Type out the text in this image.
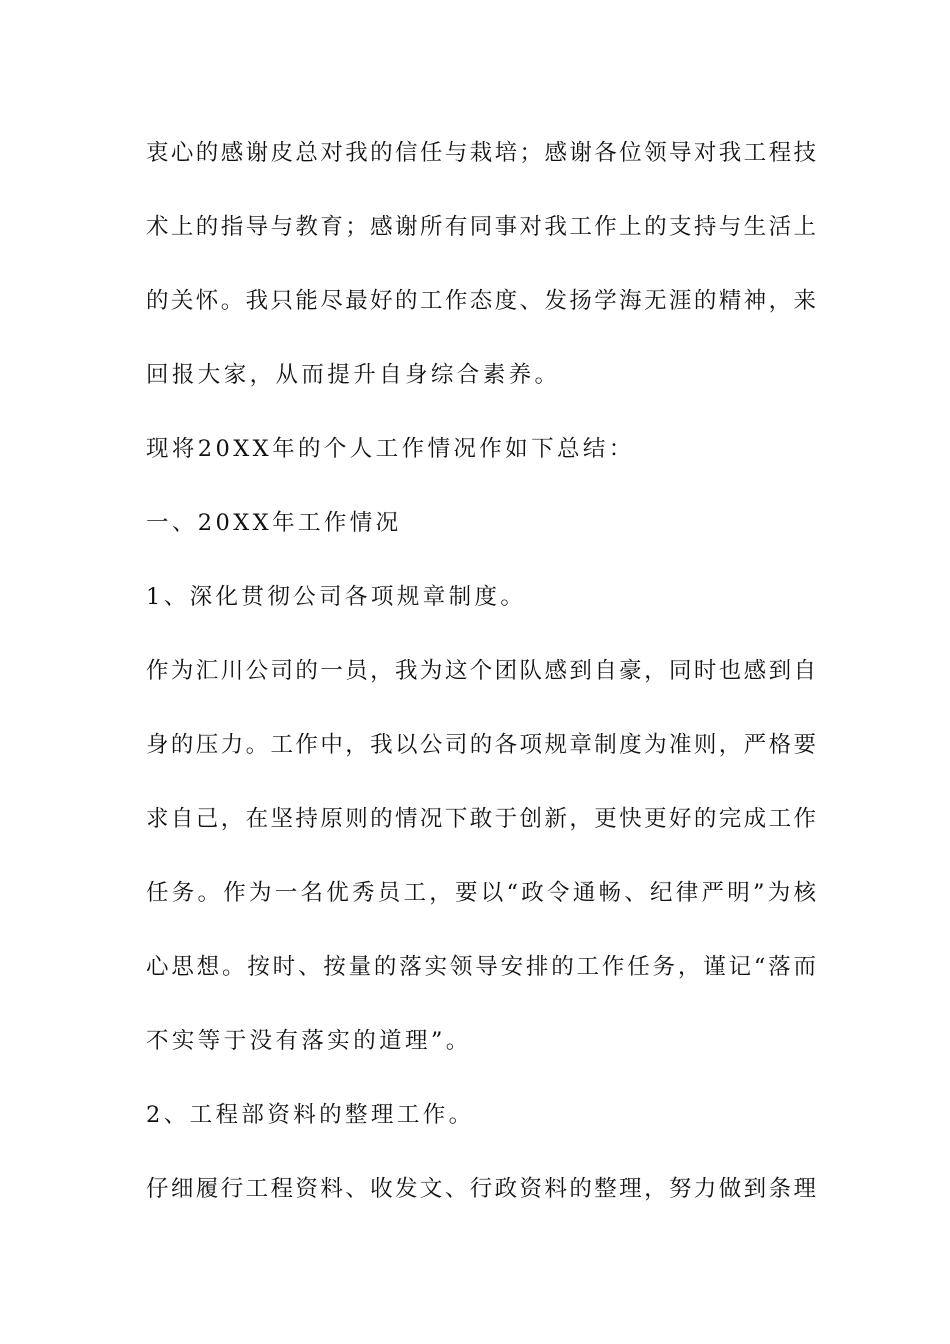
衷心的感谢皮总对我的信任与栽培；感谢各位领导对我工程技

术上的指导与教育；感谢所有同事对我工作上的支持与生活上

的关怀。我只能尽最好的工作态度、发扬学海无涯的精神，来

回报大家，从而提升自身综合素养。

现将20XX年的个人工作情况作如下总结：

一、20XX年工作情况

1、深化贯彻公司各项规章制度。

作为汇川公司的一员，我为这个团队感到自豪，同时也感到自

身的压力。工作中，我以公司的各项规章制度为准则，严格要

求自己，在坚持原则的情况下敢于创新，更快更好的完成工作

任务。作为一名优秀员工，要以“政令通畅、纪律严明”为核

心思想。按时、按量的落实领导安排的工作任务，谨记“落而

不实等于没有落实的道理”。

2、工程部资料的整理工作。

仔细履行工程资料、收发文、行政资料的整理，努力做到条理
